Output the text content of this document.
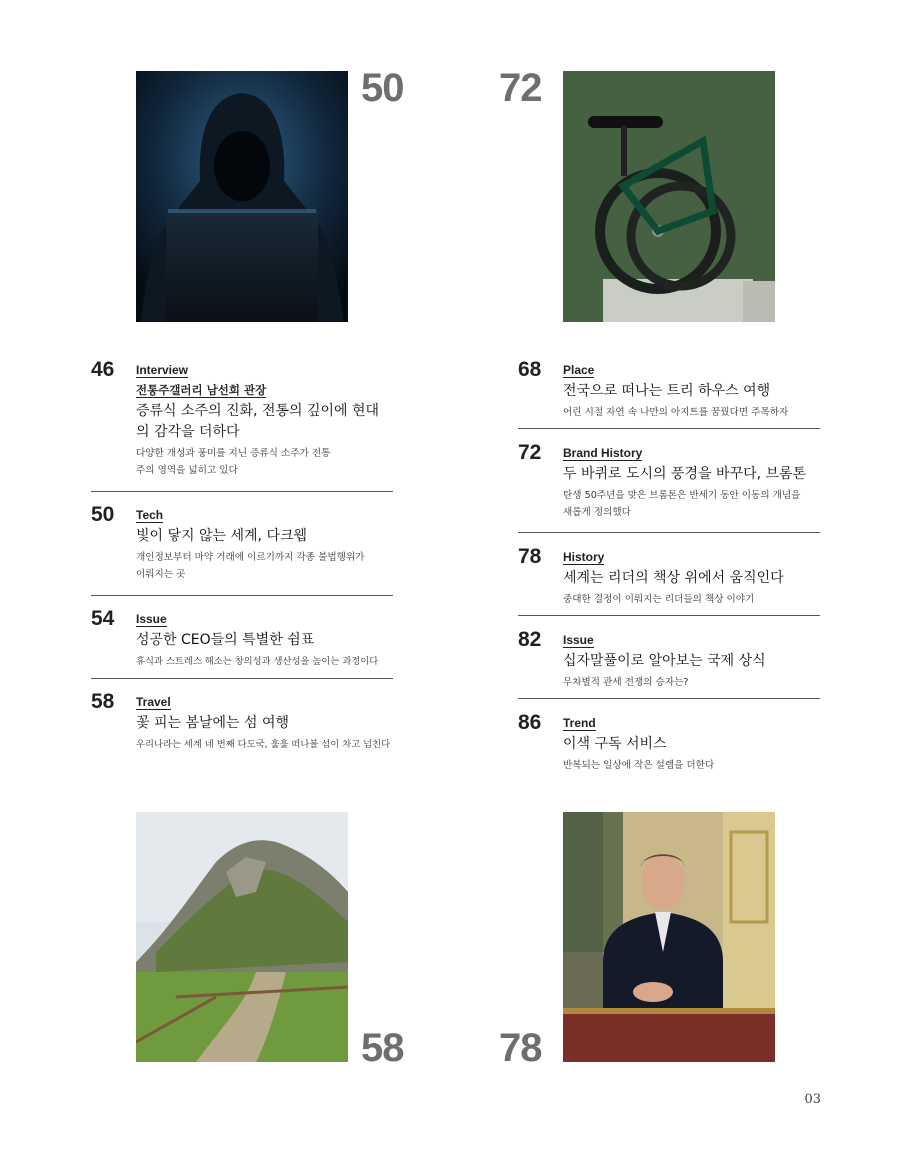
50 72
58 78
46 Interview
전통주갤러리 남선희 관장
증류식 소주의 진화, 전통의 깊이에 현대의 감각을 더하다
다양한 개성과 풍미를 지닌 증류식 소주가 전통주의 영역을 넓히고 있다
50 Tech
빛이 닿지 않는 세계, 다크웹
개인정보부터 마약 거래에 이르기까지 각종 불법행위가 이뤄지는 곳
54 Issue
성공한 CEO들의 특별한 쉼표
휴식과 스트레스 해소는 창의성과 생산성을 높이는 과정이다
58 Travel
꽃 피는 봄날에는 섬 여행
우리나라는 세계 네 번째 다도국, 훌훌 떠나볼 섬이 차고 넘친다
68 Place
전국으로 떠나는 트리 하우스 여행
어린 시절 자연 속 나만의 아지트를 꿈꿨다면 주목하자
72 Brand History
두 바퀴로 도시의 풍경을 바꾸다, 브롬톤
탄생 50주년을 맞은 브롬톤은 반세기 동안 이동의 개념을 새롭게 정의했다
78 History
세계는 리더의 책상 위에서 움직인다
중대한 결정이 이뤄지는 리더들의 책상 이야기
82 Issue
십자말풀이로 알아보는 국제 상식
무차별적 관세 전쟁의 승자는?
86 Trend
이색 구독 서비스
반복되는 일상에 작은 설렘을 더한다
03
